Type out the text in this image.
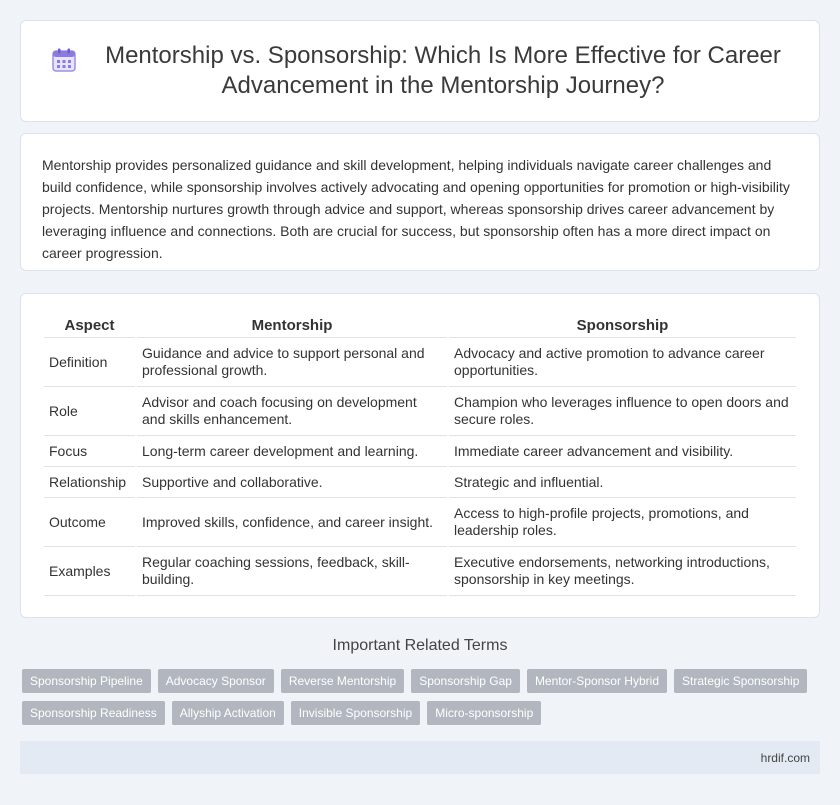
Mentorship vs. Sponsorship: Which Is More Effective for Career Advancement in the Mentorship Journey?

Mentorship provides personalized guidance and skill development, helping individuals navigate career challenges and build confidence, while sponsorship involves actively advocating and opening opportunities for promotion or high-visibility projects. Mentorship nurtures growth through advice and support, whereas sponsorship drives career advancement by leveraging influence and connections. Both are crucial for success, but sponsorship often has a more direct impact on career progression.

Aspect	Mentorship	Sponsorship
Definition	Guidance and advice to support personal and professional growth.	Advocacy and active promotion to advance career opportunities.
Role	Advisor and coach focusing on development and skills enhancement.	Champion who leverages influence to open doors and secure roles.
Focus	Long-term career development and learning.	Immediate career advancement and visibility.
Relationship	Supportive and collaborative.	Strategic and influential.
Outcome	Improved skills, confidence, and career insight.	Access to high-profile projects, promotions, and leadership roles.
Examples	Regular coaching sessions, feedback, skill-building.	Executive endorsements, networking introductions, sponsorship in key meetings.
Important Related Terms
Sponsorship Pipeline	Advocacy Sponsor	Reverse Mentorship	Sponsorship Gap	Mentor-Sponsor Hybrid	Strategic Sponsorship
Sponsorship Readiness	Allyship Activation	Invisible Sponsorship	Micro-sponsorship
hrdif.com
